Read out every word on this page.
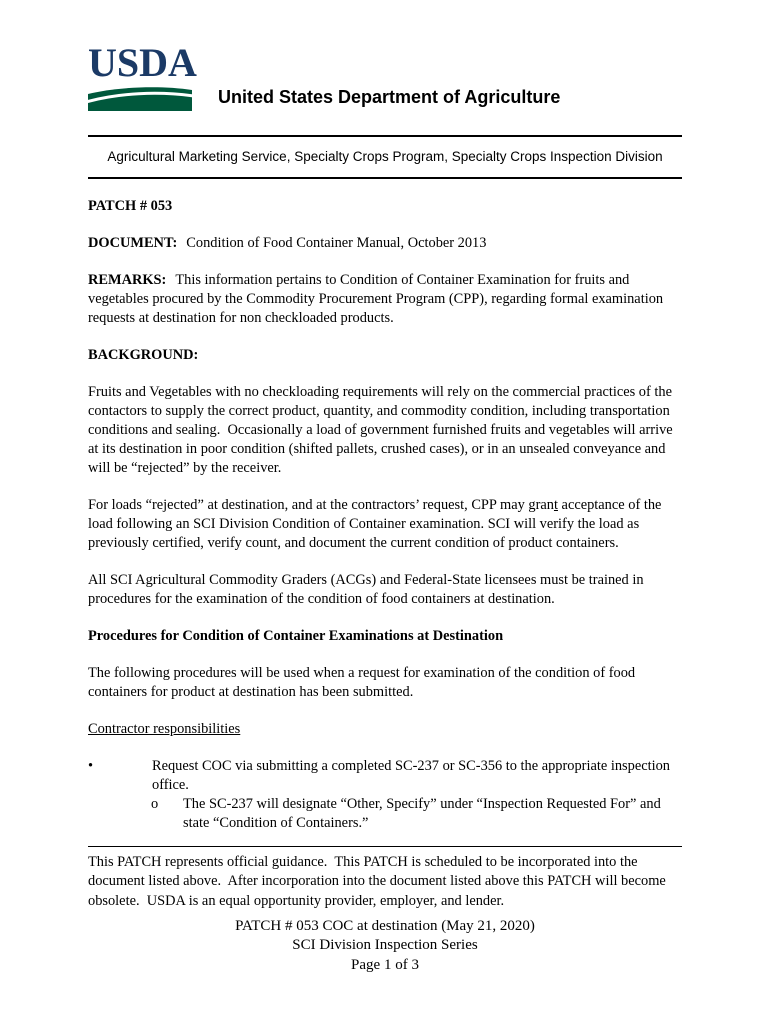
USDA
United States Department of Agriculture
Agricultural Marketing Service, Specialty Crops Program, Specialty Crops Inspection Division

PATCH # 053

DOCUMENT: Condition of Food Container Manual, October 2013

REMARKS: This information pertains to Condition of Container Examination for fruits and vegetables procured by the Commodity Procurement Program (CPP), regarding formal examination requests at destination for non checkloaded products.

BACKGROUND:

Fruits and Vegetables with no checkloading requirements will rely on the commercial practices of the contactors to supply the correct product, quantity, and commodity condition, including transportation conditions and sealing.  Occasionally a load of government furnished fruits and vegetables will arrive at its destination in poor condition (shifted pallets, crushed cases), or in an unsealed conveyance and will be “rejected” by the receiver.

For loads “rejected” at destination, and at the contractors’ request, CPP may grant acceptance of the load following an SCI Division Condition of Container examination. SCI will verify the load as previously certified, verify count, and document the current condition of product containers.

All SCI Agricultural Commodity Graders (ACGs) and Federal-State licensees must be trained in procedures for the examination of the condition of food containers at destination.

Procedures for Condition of Container Examinations at Destination

The following procedures will be used when a request for examination of the condition of food containers for product at destination has been submitted.

Contractor responsibilities

•	Request COC via submitting a completed SC-237 or SC-356 to the appropriate inspection office.
o	The SC-237 will designate “Other, Specify” under “Inspection Requested For” and state “Condition of Containers.”

This PATCH represents official guidance.  This PATCH is scheduled to be incorporated into the document listed above.  After incorporation into the document listed above this PATCH will become obsolete.  USDA is an equal opportunity provider, employer, and lender.

PATCH # 053 COC at destination (May 21, 2020)
SCI Division Inspection Series
Page 1 of 3
